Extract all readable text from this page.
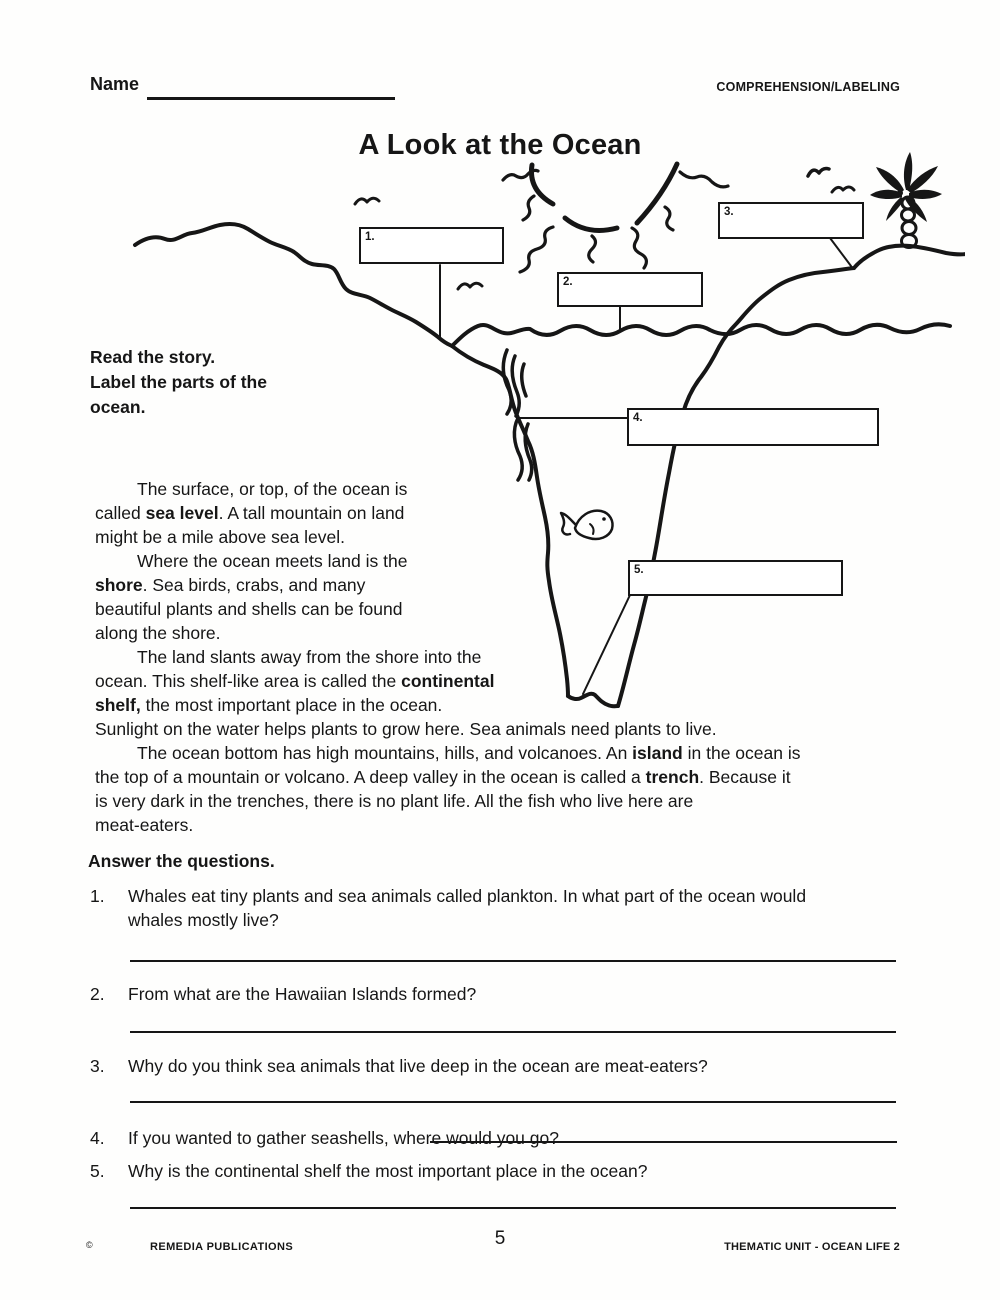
Name	COMPREHENSION/LABELING
A Look at the Ocean
1.
2.
3.
4.
5.
Read the story.
Label the parts of the
ocean.
The surface, or top, of the ocean is
called sea level. A tall mountain on land
might be a mile above sea level.
Where the ocean meets land is the
shore. Sea birds, crabs, and many
beautiful plants and shells can be found
along the shore.
The land slants away from the shore into the
ocean. This shelf-like area is called the continental
shelf, the most important place in the ocean.
Sunlight on the water helps plants to grow here. Sea animals need plants to live.
The ocean bottom has high mountains, hills, and volcanoes. An island in the ocean is
the top of a mountain or volcano. A deep valley in the ocean is called a trench. Because it
is very dark in the trenches, there is no plant life. All the fish who live here are
meat-eaters.
Answer the questions.
1.	Whales eat tiny plants and sea animals called plankton. In what part of the ocean would whales mostly live?
2.	From what are the Hawaiian Islands formed?
3.	Why do you think sea animals that live deep in the ocean are meat-eaters?
4.	If you wanted to gather seashells, where would you go?
5.	Why is the continental shelf the most important place in the ocean?
©	REMEDIA PUBLICATIONS	5	THEMATIC UNIT - OCEAN LIFE 2
